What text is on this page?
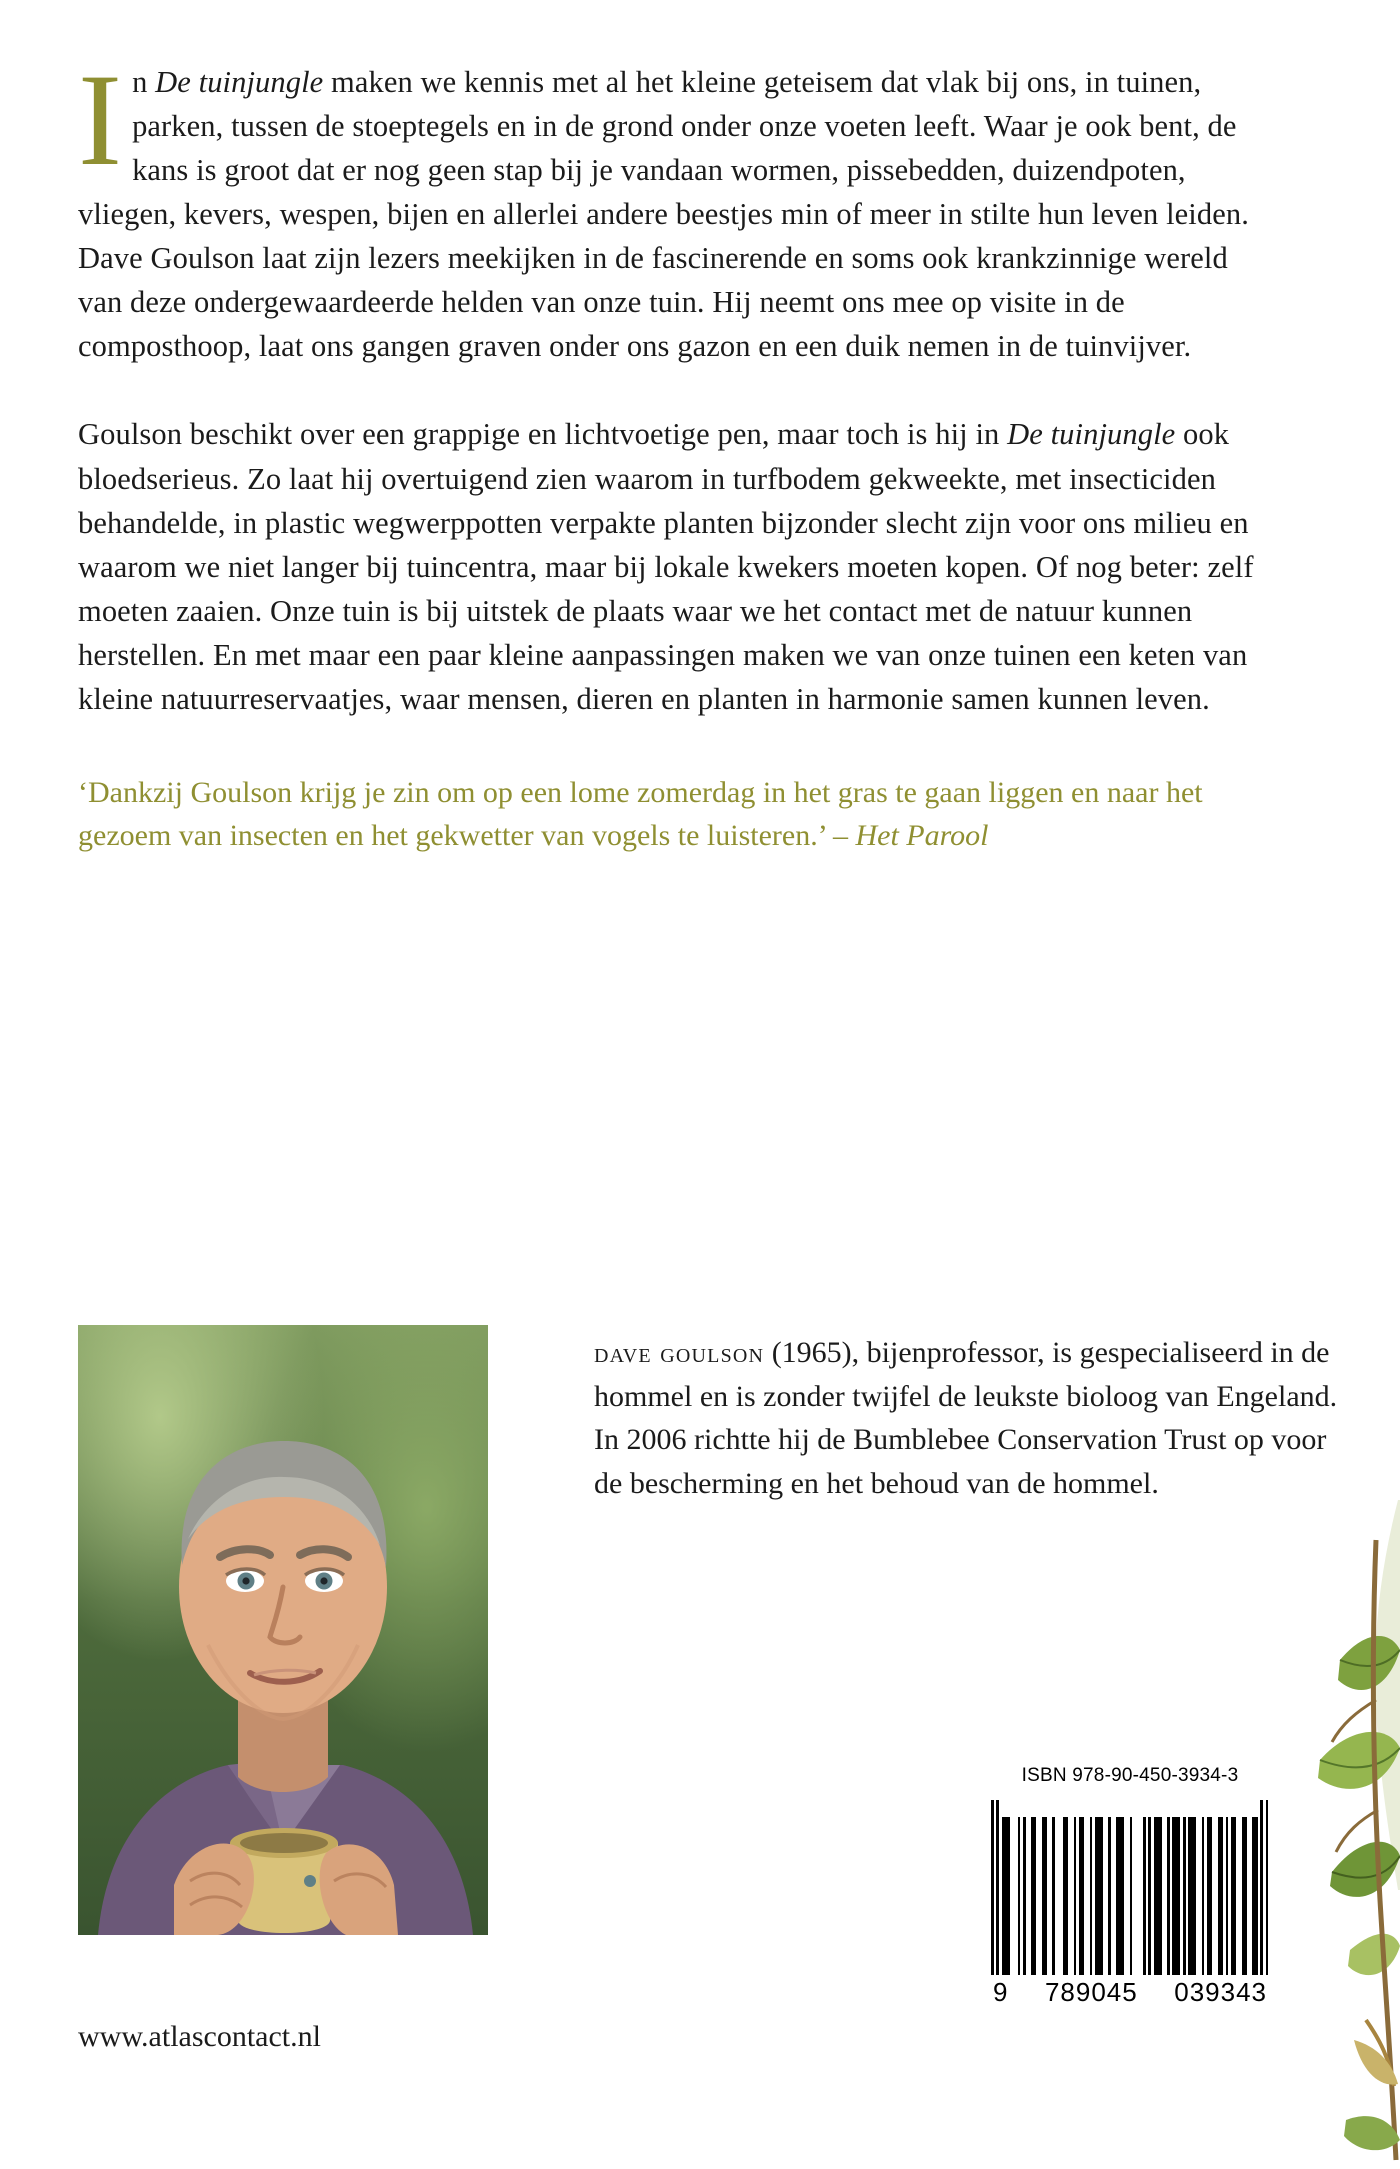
In De tuinjungle maken we kennis met al het kleine geteisem dat vlak bij ons, in tuinen, parken, tussen de stoeptegels en in de grond onder onze voeten leeft. Waar je ook bent, de kans is groot dat er nog geen stap bij je vandaan wormen, pissebedden, duizendpoten, vliegen, kevers, wespen, bijen en allerlei andere beestjes min of meer in stilte hun leven leiden. Dave Goulson laat zijn lezers meekijken in de fascinerende en soms ook krankzinnige wereld van deze ondergewaardeerde helden van onze tuin. Hij neemt ons mee op visite in de composthoop, laat ons gangen graven onder ons gazon en een duik nemen in de tuinvijver.

Goulson beschikt over een grappige en lichtvoetige pen, maar toch is hij in De tuinjungle ook bloedserieus. Zo laat hij overtuigend zien waarom in turfbodem gekweekte, met insecticiden behandelde, in plastic wegwerppotten verpakte planten bijzonder slecht zijn voor ons milieu en waarom we niet langer bij tuincentra, maar bij lokale kwekers moeten kopen. Of nog beter: zelf moeten zaaien. Onze tuin is bij uitstek de plaats waar we het contact met de natuur kunnen herstellen. En met maar een paar kleine aanpassingen maken we van onze tuinen een keten van kleine natuurreservaatjes, waar mensen, dieren en planten in harmonie samen kunnen leven.

‘Dankzij Goulson krijg je zin om op een lome zomerdag in het gras te gaan liggen en naar het gezoem van insecten en het gekwetter van vogels te luisteren.’ – Het Parool

dave goulson (1965), bijenprofessor, is gespecialiseerd in de hommel en is zonder twijfel de leukste bioloog van Engeland. In 2006 richtte hij de Bumblebee Conservation Trust op voor de bescherming en het behoud van de hommel.
www.atlascontact.nl
ISBN 978-90-450-3934-3
9 789045 039343
